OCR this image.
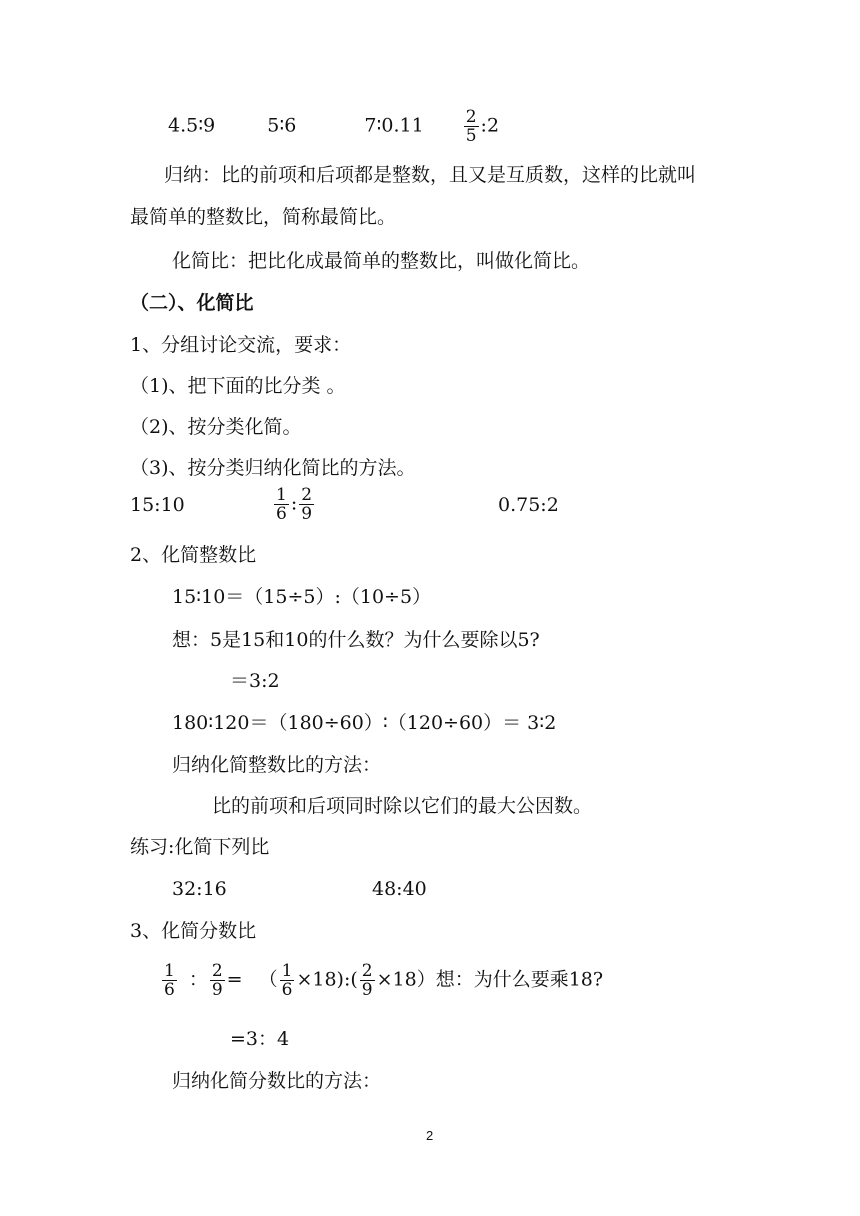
4.5∶9	5∶6	7∶0.11 $\frac{2}{5}$ :2
归纳：比的前项和后项都是整数，且又是互质数，这样的比就叫
最简单的整数比，简称最简比。
化简比：把比化成最简单的整数比，叫做化简比。
（二）、化简比
1、分组讨论交流，要求：
（1)、把下面的比分类 。
（2)、按分类化简。
（3)、按分类归纳化简比的方法。
15:10	$\frac{1}{6}$ : $\frac{2}{9}$	0.75:2
2、化简整数比
15∶10＝（15÷5）:（10÷5）
想：5是15和10的什么数？为什么要除以5?
＝3:2
180∶120＝（180÷60）∶（120÷60）＝ 3∶2
归纳化简整数比的方法：
比的前项和后项同时除以它们的最大公因数。
练习:化简下列比
32:16	48:40
3、化简分数比
$\frac{1}{6}$ ： $\frac{2}{9}$ = （ $\frac{1}{6}$ ×18):( $\frac{2}{9} \times 18$）想：为什么要乘18?
=3：4
归纳化简分数比的方法：
2
